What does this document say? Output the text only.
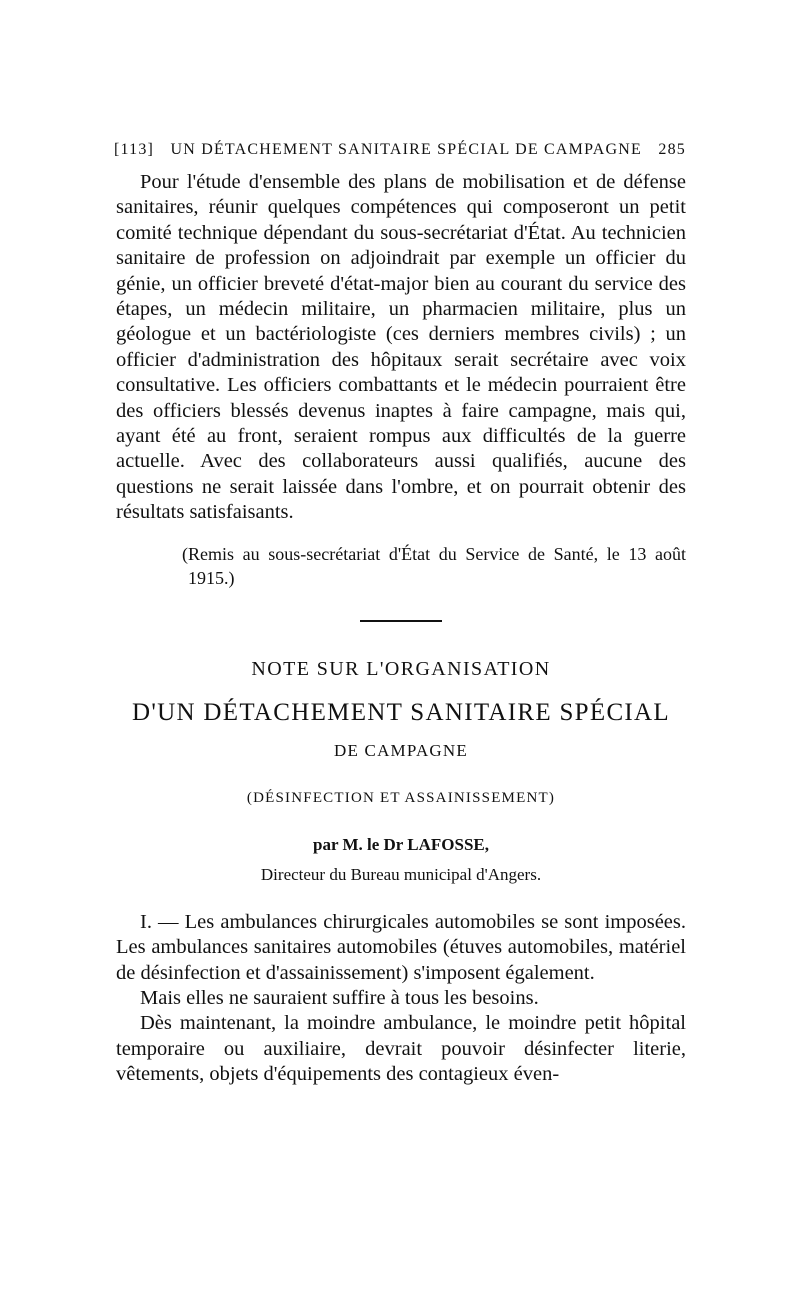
[113]	UN DÉTACHEMENT SANITAIRE SPÉCIAL DE CAMPAGNE	285

Pour l'étude d'ensemble des plans de mobilisation et de défense sanitaires, réunir quelques compétences qui composeront un petit comité technique dépendant du sous-secrétariat d'État. Au technicien sanitaire de profession on adjoindrait par exemple un officier du génie, un officier breveté d'état-major bien au courant du service des étapes, un médecin militaire, un pharmacien militaire, plus un géologue et un bactériologiste (ces derniers membres civils) ; un officier d'administration des hôpitaux serait secrétaire avec voix consultative. Les officiers combattants et le médecin pourraient être des officiers blessés devenus inaptes à faire campagne, mais qui, ayant été au front, seraient rompus aux difficultés de la guerre actuelle. Avec des collaborateurs aussi qualifiés, aucune des questions ne serait laissée dans l'ombre, et on pourrait obtenir des résultats satisfaisants.

(Remis au sous-secrétariat d'État du Service de Santé, le 13 août 1915.)

NOTE SUR L'ORGANISATION
D'UN DÉTACHEMENT SANITAIRE SPÉCIAL
DE CAMPAGNE
(DÉSINFECTION ET ASSAINISSEMENT)
par M. le Dr LAFOSSE,
Directeur du Bureau municipal d'Angers.

I. — Les ambulances chirurgicales automobiles se sont imposées. Les ambulances sanitaires automobiles (étuves automobiles, matériel de désinfection et d'assainissement) s'imposent également.

Mais elles ne sauraient suffire à tous les besoins.

Dès maintenant, la moindre ambulance, le moindre petit hôpital temporaire ou auxiliaire, devrait pouvoir désinfecter literie, vêtements, objets d'équipements des contagieux éven-
